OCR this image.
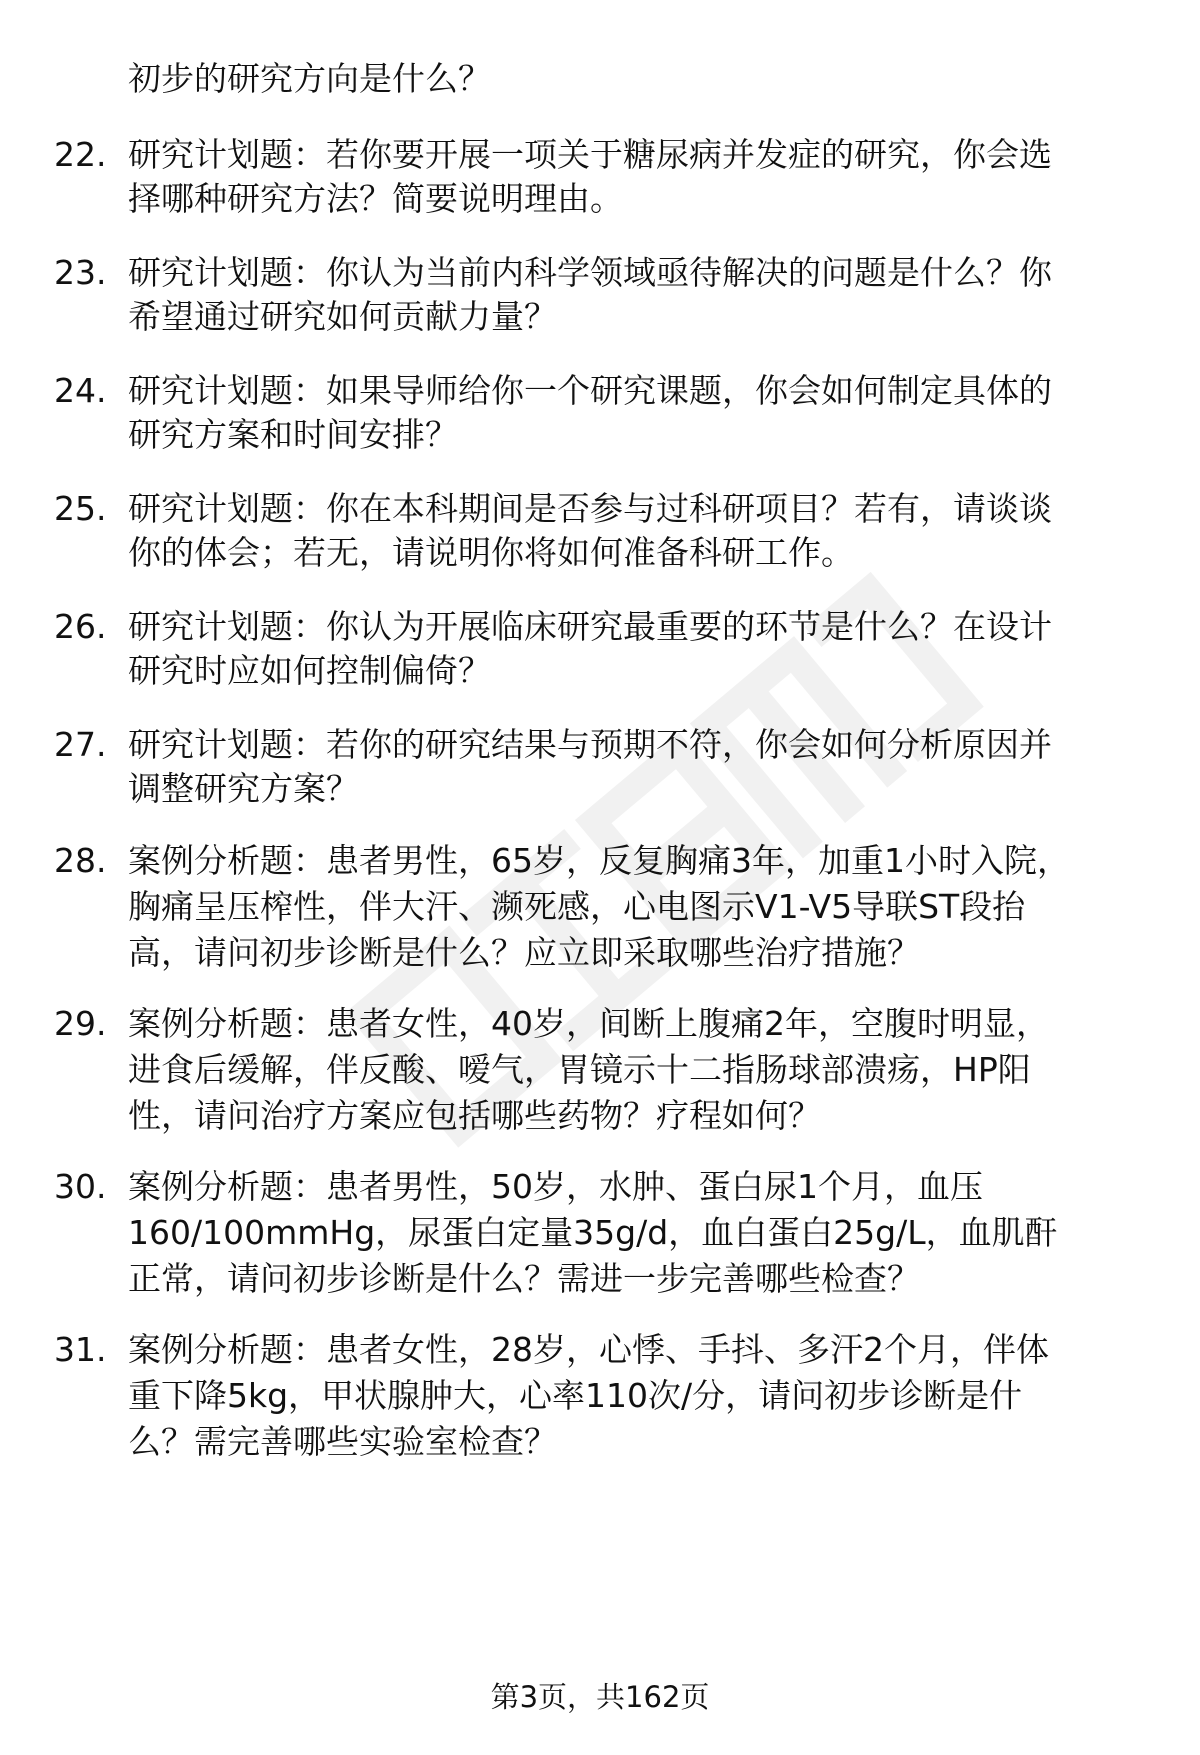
初步的研究方向是什么？
22. 研究计划题：若你要开展一项关于糖尿病并发症的研究，你会选
择哪种研究方法？简要说明理由。
23. 研究计划题：你认为当前内科学领域亟待解决的问题是什么？你
希望通过研究如何贡献力量？
24. 研究计划题：如果导师给你一个研究课题，你会如何制定具体的
研究方案和时间安排？
25. 研究计划题：你在本科期间是否参与过科研项目？若有，请谈谈
你的体会；若无，请说明你将如何准备科研工作。
26. 研究计划题：你认为开展临床研究最重要的环节是什么？在设计
研究时应如何控制偏倚？
27. 研究计划题：若你的研究结果与预期不符，你会如何分析原因并
调整研究方案？
28. 案例分析题：患者男性，65岁，反复胸痛3年，加重1小时入院，
胸痛呈压榨性，伴大汗、濒死感，心电图示V1-V5导联ST段抬
高，请问初步诊断是什么？应立即采取哪些治疗措施？
29. 案例分析题：患者女性，40岁，间断上腹痛2年，空腹时明显，
进食后缓解，伴反酸、嗳气，胃镜示十二指肠球部溃疡，HP阳
性，请问治疗方案应包括哪些药物？疗程如何？
30. 案例分析题：患者男性，50岁，水肿、蛋白尿1个月，血压
160/100mmHg，尿蛋白定量35g/d，血白蛋白25g/L，血肌酐
正常，请问初步诊断是什么？需进一步完善哪些检查？
31. 案例分析题：患者女性，28岁，心悸、手抖、多汗2个月，伴体
重下降5kg，甲状腺肿大，心率110次/分，请问初步诊断是什
么？需完善哪些实验室检查？
第3页，共162页
